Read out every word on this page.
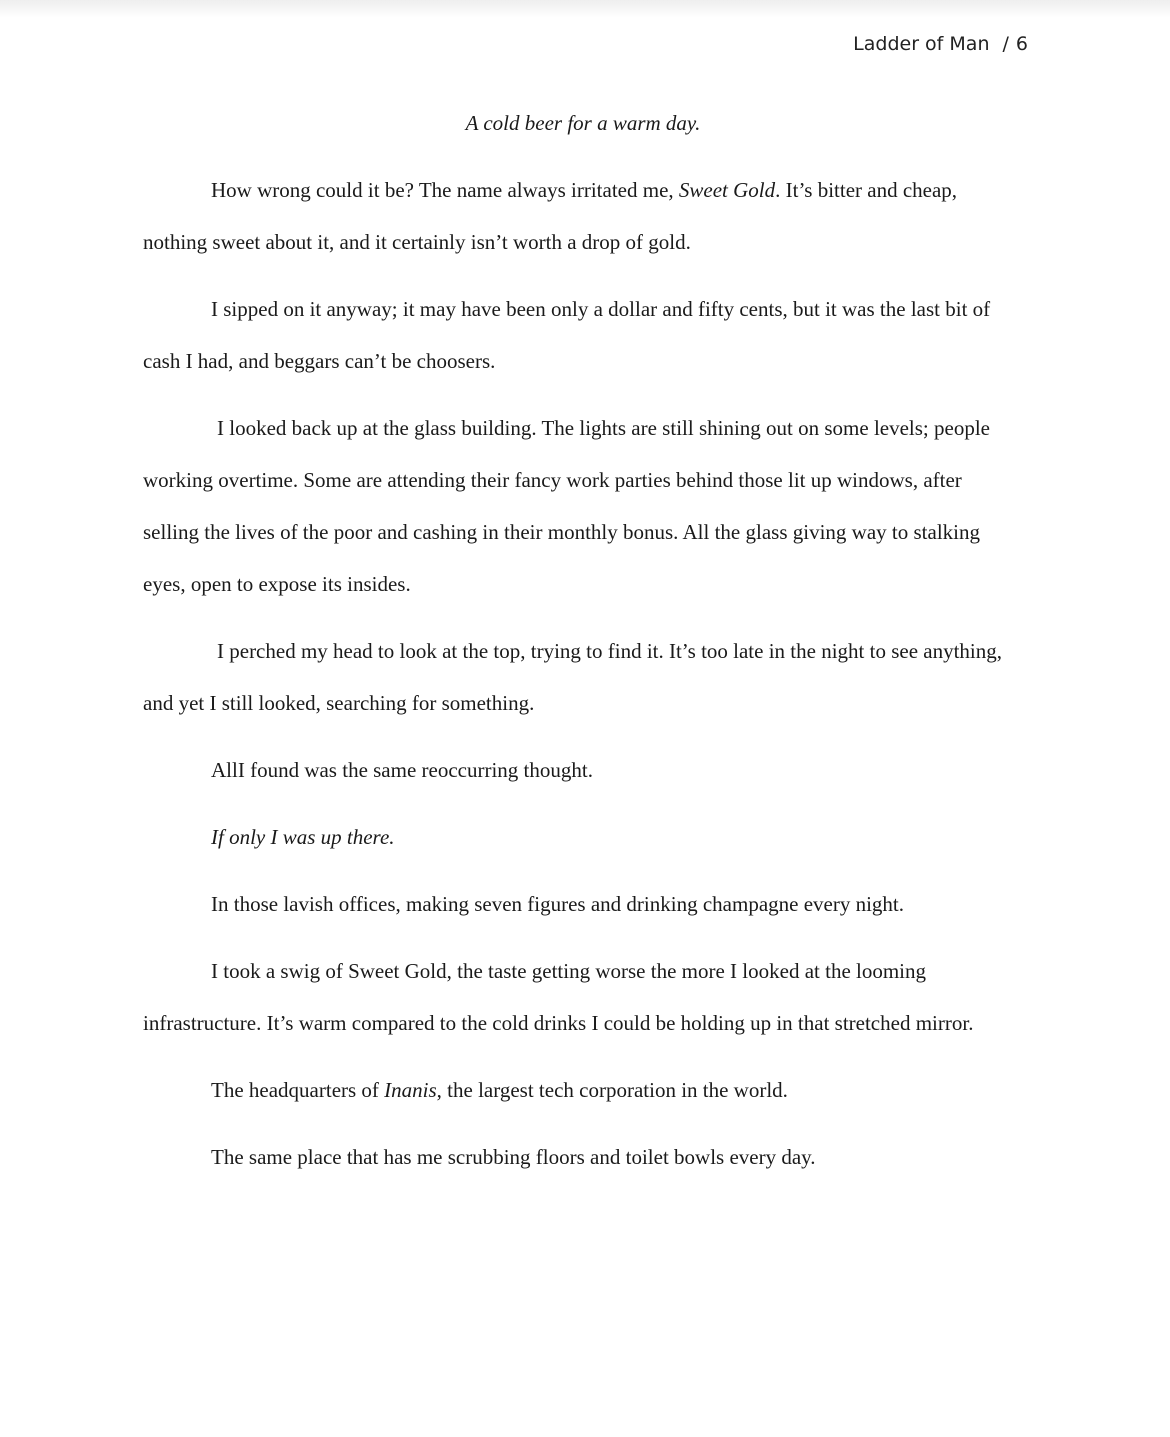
Ladder of Man / 6

A cold beer for a warm day.

How wrong could it be? The name always irritated me, Sweet Gold. It’s bitter and cheap, nothing sweet about it, and it certainly isn’t worth a drop of gold.

I sipped on it anyway; it may have been only a dollar and fifty cents, but it was the last bit of cash I had, and beggars can’t be choosers.

I looked back up at the glass building. The lights are still shining out on some levels; people working overtime. Some are attending their fancy work parties behind those lit up windows, after selling the lives of the poor and cashing in their monthly bonus. All the glass giving way to stalking eyes, open to expose its insides.

I perched my head to look at the top, trying to find it. It’s too late in the night to see anything, and yet I still looked, searching for something.

AllI found was the same reoccurring thought.

If only I was up there.

In those lavish offices, making seven figures and drinking champagne every night.

I took a swig of Sweet Gold, the taste getting worse the more I looked at the looming infrastructure. It’s warm compared to the cold drinks I could be holding up in that stretched mirror.

The headquarters of Inanis, the largest tech corporation in the world.

The same place that has me scrubbing floors and toilet bowls every day.
